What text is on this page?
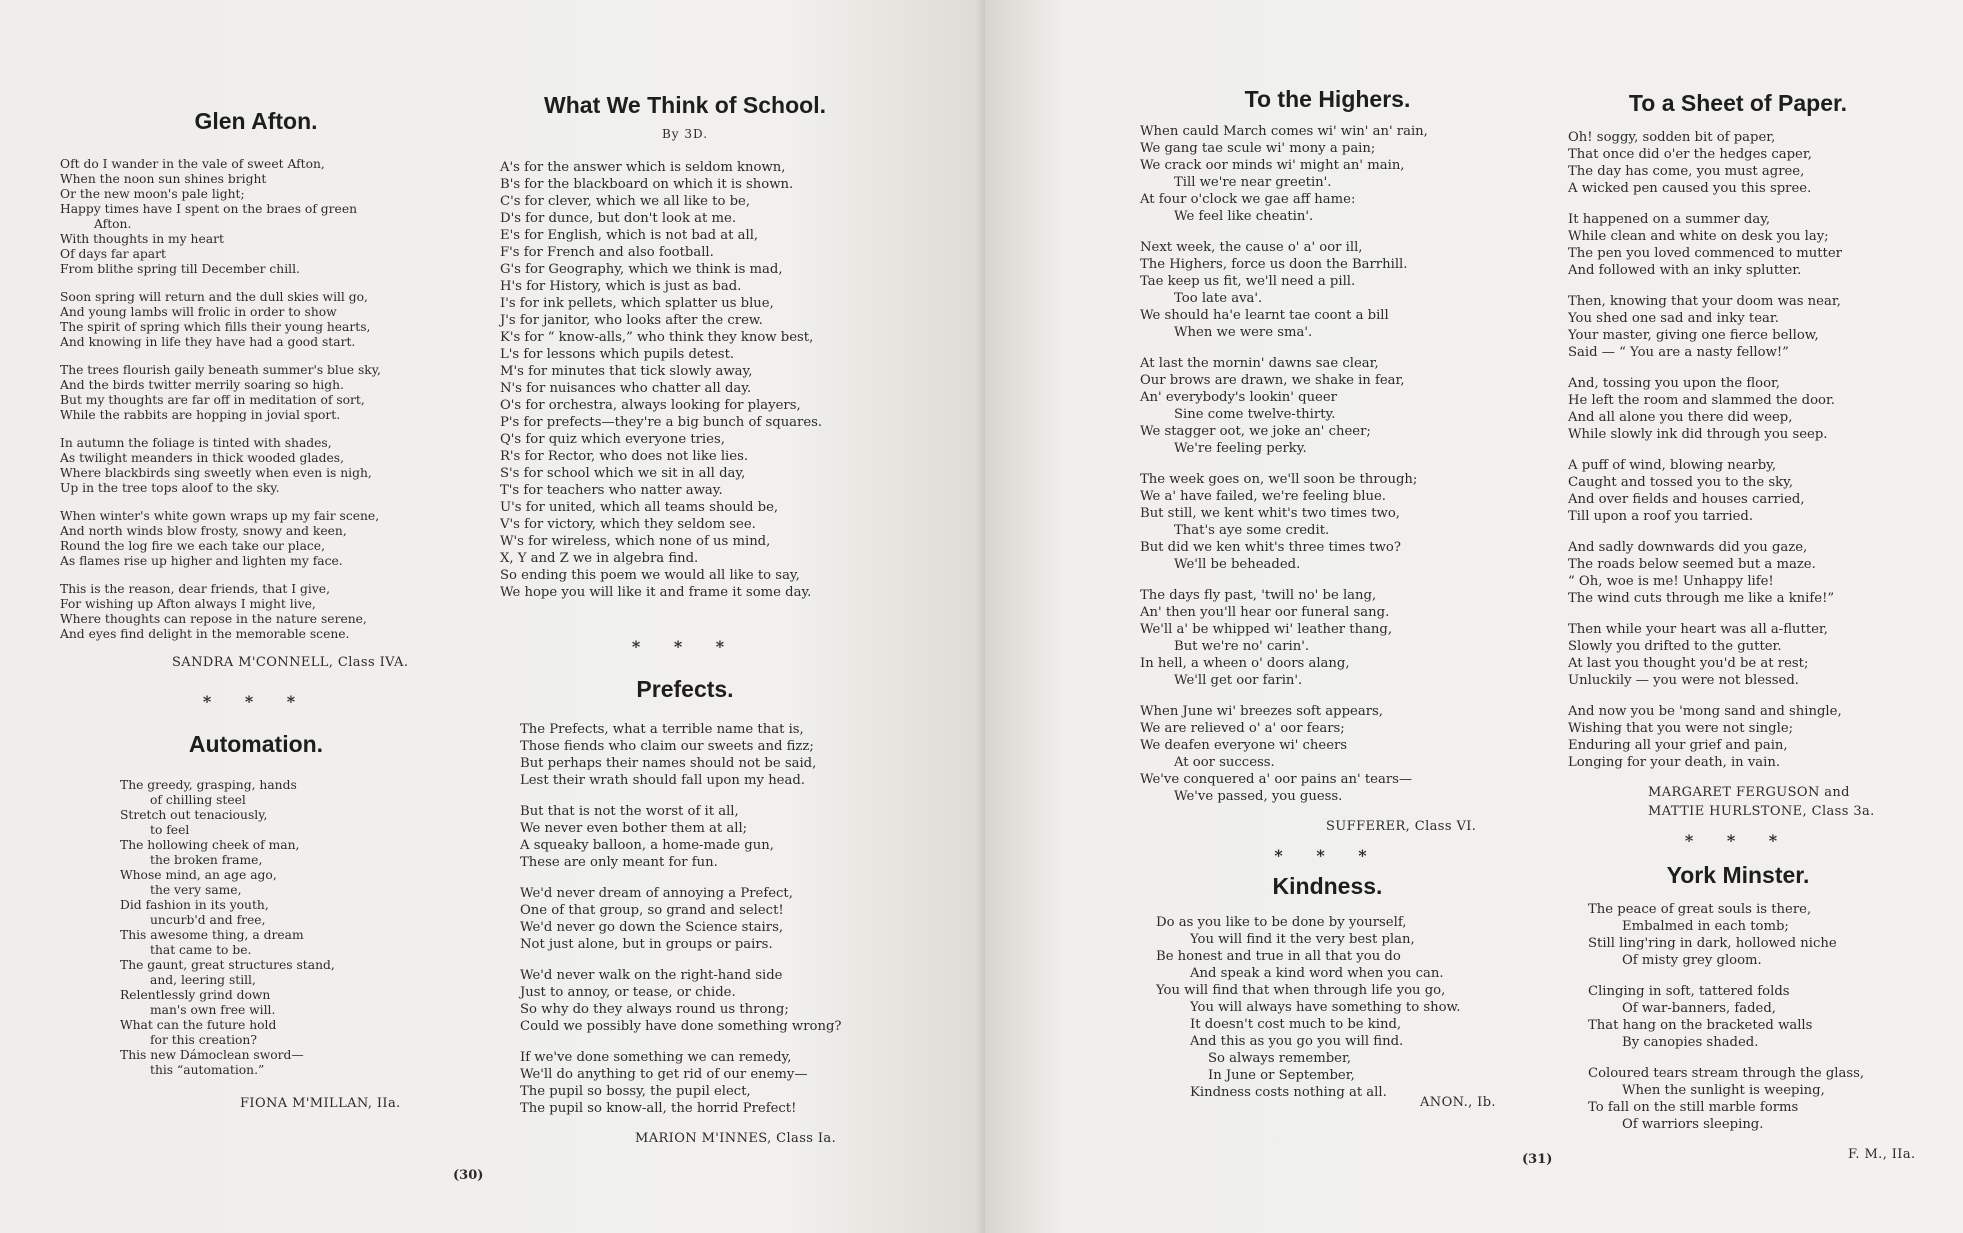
Glen Afton.
Oft do I wander in the vale of sweet Afton,
When the noon sun shines bright
Or the new moon's pale light;
Happy times have I spent on the braes of green
Afton.
With thoughts in my heart
Of days far apart
From blithe spring till December chill.
Soon spring will return and the dull skies will go,
And young lambs will frolic in order to show
The spirit of spring which fills their young hearts,
And knowing in life they have had a good start.
The trees flourish gaily beneath summer's blue sky,
And the birds twitter merrily soaring so high.
But my thoughts are far off in meditation of sort,
While the rabbits are hopping in jovial sport.
In autumn the foliage is tinted with shades,
As twilight meanders in thick wooded glades,
Where blackbirds sing sweetly when even is nigh,
Up in the tree tops aloof to the sky.
When winter's white gown wraps up my fair scene,
And north winds blow frosty, snowy and keen,
Round the log fire we each take our place,
As flames rise up higher and lighten my face.
This is the reason, dear friends, that I give,
For wishing up Afton always I might live,
Where thoughts can repose in the nature serene,
And eyes find delight in the memorable scene.
SANDRA M'CONNELL, Class IVA.
* * *
Automation.
The greedy, grasping, hands
of chilling steel
Stretch out tenaciously,
to feel
The hollowing cheek of man,
the broken frame,
Whose mind, an age ago,
the very same,
Did fashion in its youth,
uncurb'd and free,
This awesome thing, a dream
that came to be.
The gaunt, great structures stand,
and, leering still,
Relentlessly grind down
man's own free will.
What can the future hold
for this creation?
This new Dámoclean sword—
this “automation.”
FIONA M'MILLAN, IIa.
What We Think of School.
By 3D.
A's for the answer which is seldom known,
B's for the blackboard on which it is shown.
C's for clever, which we all like to be,
D's for dunce, but don't look at me.
E's for English, which is not bad at all,
F's for French and also football.
G's for Geography, which we think is mad,
H's for History, which is just as bad.
I's for ink pellets, which splatter us blue,
J's for janitor, who looks after the crew.
K's for “ know-alls,” who think they know best,
L's for lessons which pupils detest.
M's for minutes that tick slowly away,
N's for nuisances who chatter all day.
O's for orchestra, always looking for players,
P's for prefects—they're a big bunch of squares.
Q's for quiz which everyone tries,
R's for Rector, who does not like lies.
S's for school which we sit in all day,
T's for teachers who natter away.
U's for united, which all teams should be,
V's for victory, which they seldom see.
W's for wireless, which none of us mind,
X, Y and Z we in algebra find.
So ending this poem we would all like to say,
We hope you will like it and frame it some day.
* * *
Prefects.
The Prefects, what a terrible name that is,
Those fiends who claim our sweets and fizz;
But perhaps their names should not be said,
Lest their wrath should fall upon my head.
But that is not the worst of it all,
We never even bother them at all;
A squeaky balloon, a home-made gun,
These are only meant for fun.
We'd never dream of annoying a Prefect,
One of that group, so grand and select!
We'd never go down the Science stairs,
Not just alone, but in groups or pairs.
We'd never walk on the right-hand side
Just to annoy, or tease, or chide.
So why do they always round us throng;
Could we possibly have done something wrong?
If we've done something we can remedy,
We'll do anything to get rid of our enemy—
The pupil so bossy, the pupil elect,
The pupil so know-all, the horrid Prefect!
MARION M'INNES, Class Ia.
(30)
To the Highers.
When cauld March comes wi' win' an' rain,
We gang tae scule wi' mony a pain;
We crack oor minds wi' might an' main,
Till we're near greetin'.
At four o'clock we gae aff hame:
We feel like cheatin'.
Next week, the cause o' a' oor ill,
The Highers, force us doon the Barrhill.
Tae keep us fit, we'll need a pill.
Too late ava'.
We should ha'e learnt tae coont a bill
When we were sma'.
At last the mornin' dawns sae clear,
Our brows are drawn, we shake in fear,
An' everybody's lookin' queer
Sine come twelve-thirty.
We stagger oot, we joke an' cheer;
We're feeling perky.
The week goes on, we'll soon be through;
We a' have failed, we're feeling blue.
But still, we kent whit's two times two,
That's aye some credit.
But did we ken whit's three times two?
We'll be beheaded.
The days fly past, 'twill no' be lang,
An' then you'll hear oor funeral sang.
We'll a' be whipped wi' leather thang,
But we're no' carin'.
In hell, a wheen o' doors alang,
We'll get oor farin'.
When June wi' breezes soft appears,
We are relieved o' a' oor fears;
We deafen everyone wi' cheers
At oor success.
We've conquered a' oor pains an' tears—
We've passed, you guess.
SUFFERER, Class VI.
* * *
Kindness.
Do as you like to be done by yourself,
You will find it the very best plan,
Be honest and true in all that you do
And speak a kind word when you can.
You will find that when through life you go,
You will always have something to show.
It doesn't cost much to be kind,
And this as you go you will find.
So always remember,
In June or September,
Kindness costs nothing at all.
ANON., Ib.
To a Sheet of Paper.
Oh! soggy, sodden bit of paper,
That once did o'er the hedges caper,
The day has come, you must agree,
A wicked pen caused you this spree.
It happened on a summer day,
While clean and white on desk you lay;
The pen you loved commenced to mutter
And followed with an inky splutter.
Then, knowing that your doom was near,
You shed one sad and inky tear.
Your master, giving one fierce bellow,
Said — “ You are a nasty fellow!”
And, tossing you upon the floor,
He left the room and slammed the door.
And all alone you there did weep,
While slowly ink did through you seep.
A puff of wind, blowing nearby,
Caught and tossed you to the sky,
And over fields and houses carried,
Till upon a roof you tarried.
And sadly downwards did you gaze,
The roads below seemed but a maze.
“ Oh, woe is me! Unhappy life!
The wind cuts through me like a knife!”
Then while your heart was all a-flutter,
Slowly you drifted to the gutter.
At last you thought you'd be at rest;
Unluckily — you were not blessed.
And now you be 'mong sand and shingle,
Wishing that you were not single;
Enduring all your grief and pain,
Longing for your death, in vain.
MARGARET FERGUSON and
MATTIE HURLSTONE, Class 3a.
* * *
York Minster.
The peace of great souls is there,
Embalmed in each tomb;
Still ling'ring in dark, hollowed niche
Of misty grey gloom.
Clinging in soft, tattered folds
Of war-banners, faded,
That hang on the bracketed walls
By canopies shaded.
Coloured tears stream through the glass,
When the sunlight is weeping,
To fall on the still marble forms
Of warriors sleeping.
F. M., IIa.
(31)
